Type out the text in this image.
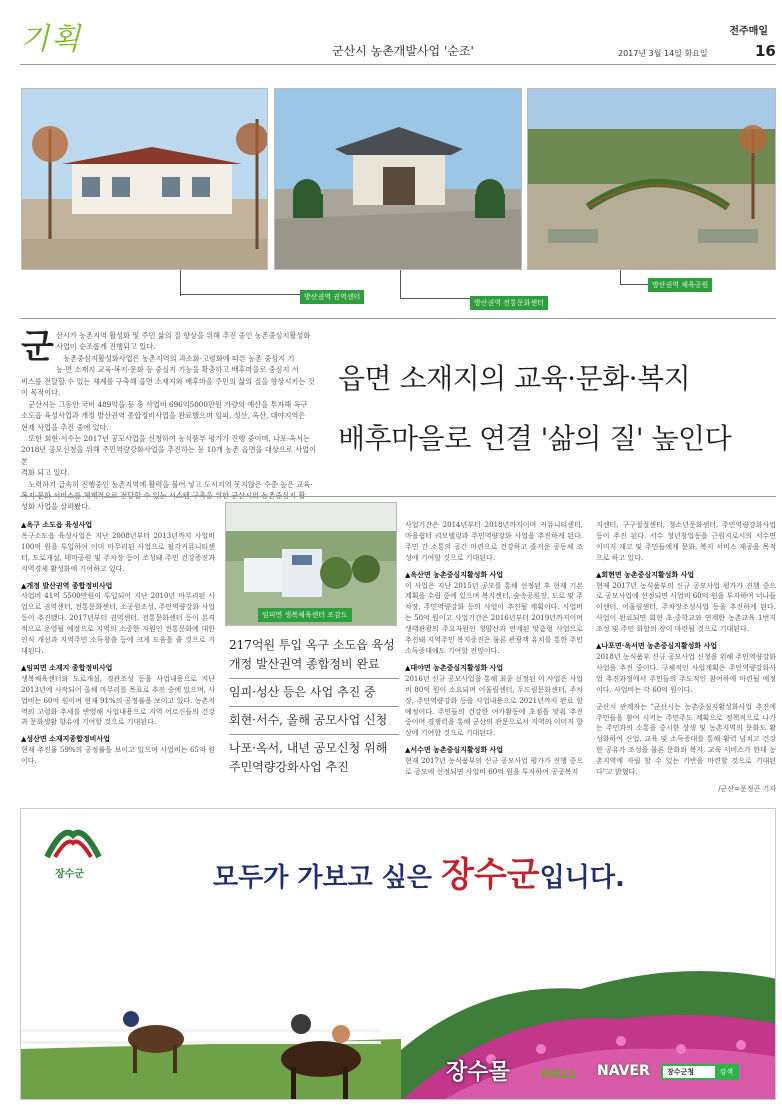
기획	군산시 농촌개발사업 '순조'
전주매일
2017년 3월 14일 화요일	16
방산권역 권역센터
방산권역 전통문화센터
방산권역 체육공원
군 산시가 농촌지역 활성화 및 주민 삶의 질 향상을 위해 추진 중인 농촌중심지활성화
사업이 순조롭게 진행되고 있다.
　농촌중심지활성화사업은 농촌지역의 과소화·고령화에 따른 농촌 중심지 기
능·면 소재지 교육·복지·문화 등 중심지 기능을 확충하고 배후마을로 중심지 서
비스를 전달할 수 있는 체계를 구축해 읍면 소재지와 배후마을 주민의 삶의 질을 향상시키는 것
이 목적이다.
　군산시는 그동안 국비 489억을 등 총 사업비 696억5000만원 가량의 예산을 투자해 옥구
소도읍 육성사업과 개정 발산권역 종합정비사업을 완료했으며 임피, 성산, 옥산, 대야지역은
현재 사업을 추진 중에 있다.
　또한 회현·서수는 2017년 공모사업을 신청하여 농식품부 평가가 진행 중이며, 나포·옥서는
2018년 공모신청을 위해 주민역량강화사업을 추진하는 등 10개 농촌 읍면을 대상으로 사업이 본
격화 되고 있다.
　노력하기 급속히 진행중인 농촌지역에 활력을 불어 넣고 도시지역 못지않은 수준 높은 교육·
성화 사업을 살펴봤다.
읍면 소재지의 교육·문화·복지
배후마을로 연결 '삶의 질' 높인다

▲옥구 소도읍 육성사업
옥구소도읍 육성사업은 지난 2008년부터 2013년까지 사업비 100억 원을 투입하여 이미 마무리된 사업으로 팔각커뮤니티센터, 도로개설, 테마공원 및 주차장 등이 조성돼 주민 건강증진과 지역경제 활성화에 기여하고 있다.

▲개정 발산권역 종합정비사업
사업비 41억 5500만원이 투입되어 지난 2010년 마무리된 사업으로 권역센터, 전통문화센터, 소공원조성, 주민역량강화 사업 등이 추진됐다. 2017년부터 권역센터, 전통문화센터 등이 본격적으로 운영될 예정으로 지역의 소중한 자원인 전통문화에 대한 인식 개선과 지역주민 소득창출 등에 크게 도움을 줄 것으로 기대된다.

▲임피면 소재지 종합정비사업
생복체육센터와 도로개설, 경관조성 등을 사업내용으로 지난 2013년에 시작되어 올해 마무리를 목표로 추진 중에 있으며, 사업비는 60억 원이며 현재 91%의 공정률을 보이고 있다. 농촌지역의 고령화 추세를 반영해 사업내용으로 지역 어르신들의 건강과 문화생활 향유에 기여할 것으로 기대된다.

▲성산면 소재지종합정비사업
현재 추진율 59%의 공정률을 보이고 있으며 사업비는 65억 원이다.

임피면 생복체육센터 조감도
217억원 투입 옥구 소도읍 육성
개정 발산권역 종합정비 완료
임피·성산 등은 사업 추진 중
회현·서수, 올해 공모사업 신청
나포·옥서, 내년 공모신청 위해
주민역량강화사업 추진

사업기간은 2014년부터 2018년까지이며 커뮤니티센터, 마을쉼터 리모델링과 주민역량강화 사업을 추진하게 된다. 주민 간 소통의 공간 마련으로 건강하고 즐거운 공동체 조성에 기여할 것으로 기대된다.

▲옥산면 농촌중심지활성화 사업
이 사업은 지난 2015년 공모를 통해 선정된 후 현재 기본계획을 수립 중에 있으며 복지센터, 숲속공원장, 도로 및 주차장, 주민역량강화 등의 사업이 추진될 계획이다. 사업비는 50억 원이고 사업기간은 2016년부터 2019년까지이며 생태관광의 주요자원인 청암산과 연계된 맞춤형 사업으로 추진돼 지역주민 복지증진은 물론 관광객 유치를 통한 주민 소득증대에도 기여할 전망이다.

▲대야면 농촌중심지활성화 사업
2016년 신규 공모사업을 통해 최종 선정된 이 사업은 사업비 80억 원이 소요되며 어울림센터, 두드림문화센터, 주차장, 주민역량강화 등을 사업내용으로 2021년까지 완료 할 예정이다. 주민들의 건강한 여가활동에 초점을 맞춰 추진 중이며 경쟁력을 통해 군산의 관문으로서 지역의 이미지 향상에 기여할 것으로 기대된다.

▲서수면 농촌중심지활성화 사업
현재 2017년 농식품부의 신규 공모사업 평가가 진행 중으로 공모에 선정되면 사업비 60억 원을 투자하여 공공복지

지센터, 구구절절센터, 청소년문화센터, 주민역량강화사업 등이 추진 된다. 서수 청년창업동을 근원지로서의 서수면 이미지 재고 및 주민들에게 문화, 복지 서비스 제공을 목적으로 하고 있다.

▲회현면 농촌중심지활성화 사업
현재 2017년 농식품부의 신규 공모사업 평가가 진행 중으로 공모사업에 선정되면 사업비 60억 원을 투자하여 너나들이센터, 어울림센터, 주차장조성사업 등을 추진하게 된다. 사업이 완료되면 회현 초·중학교와 연계한 농촌교육 1번지 조성 및 주민 화합의 장이 마련될 것으로 기대된다.

▲나포면·옥서면 농촌중심지활성화 사업
2018년 농식품부 신규 공모사업 신청을 위해 주민역량강화사업을 추진 중이다. 구체적인 사업계획은 주민역량강화사업 추진과정에서 주민들의 주도적인 참여하에 마련될 예정이다. 사업비는 각 60억 원이다.

군산시 관계자는 "군산시는 농촌중심지활성화사업 추진에 주민들을 참여 시키는 주민주도 계획으로 정책적으로 나가는 주민과의 소통을 중시한 상생 및 농촌지역의 문화도 활성화하여 산업, 교육 및 소득증대를 통해 활력 넘치고 건강한 공유가 조성을 물론 문화와 복지, 교육 서비스가 한데 농촌지역에 자립 할 수 있는 기반을 마련할 것으로 기대된다"고 밝혔다.

/군산=문정곤 기자

장수군	모두가 가보고 싶은 장수군입니다.
장수몰	MALL NAVER	장수군청	검색
